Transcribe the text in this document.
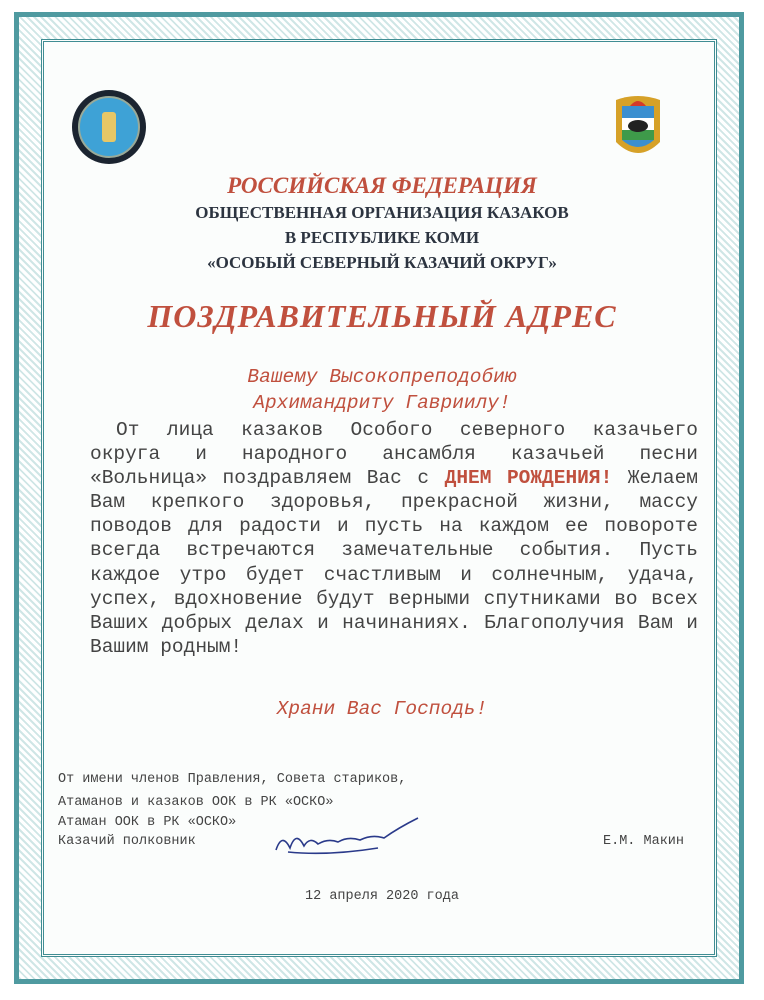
РОССИЙСКАЯ ФЕДЕРАЦИЯ
ОБЩЕСТВЕННАЯ ОРГАНИЗАЦИЯ КАЗАКОВ
В РЕСПУБЛИКЕ КОМИ
«ОСОБЫЙ СЕВЕРНЫЙ КАЗАЧИЙ ОКРУГ»
ПОЗДРАВИТЕЛЬНЫЙ АДРЕС
Вашему Высокопреподобию
Архимандриту Гавриилу!
От лица казаков Особого северного казачьего округа и народного ансамбля казачьей песни «Вольница» поздравляем Вас с ДНЕМ РОЖДЕНИЯ! Желаем Вам крепкого здоровья, прекрасной жизни, массу поводов для радости и пусть на каждом ее повороте всегда встречаются замечательные события. Пусть каждое утро будет счастливым и солнечным, удача, успех, вдохновение будут верными спутниками во всех Ваших добрых делах и начинаниях. Благополучия Вам и Вашим родным!
Храни Вас Господь!
От имени членов Правления, Совета стариков,
Атаманов и казаков ООК в РК «ОСКО»
Атаман ООК в РК «ОСКО»
Казачий полковник	Е.М. Макин
12 апреля 2020 года
